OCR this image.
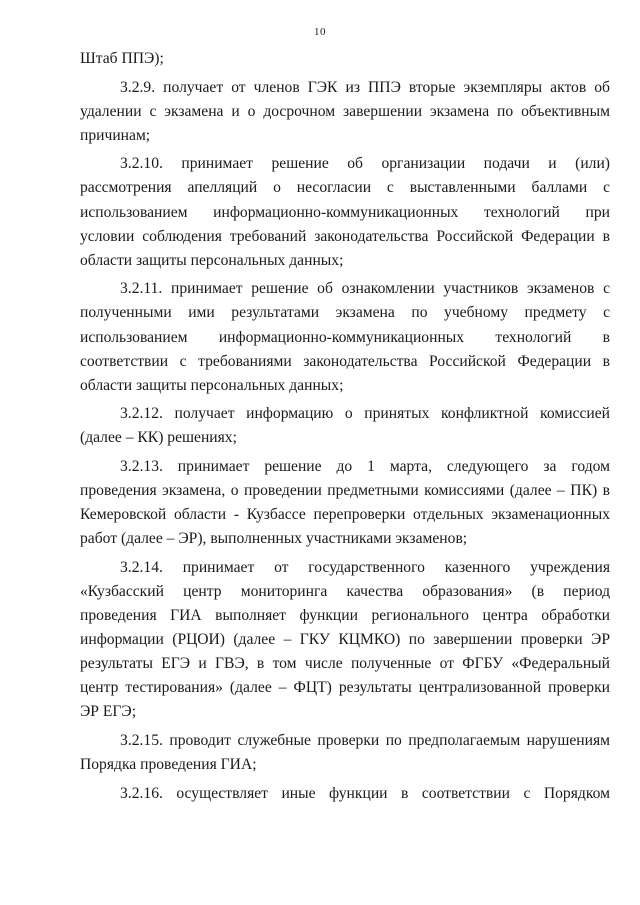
10
Штаб ППЭ);
3.2.9. получает от членов ГЭК из ППЭ вторые экземпляры актов об
удалении с экзамена и о досрочном завершении экзамена по объективным
причинам;
3.2.10. принимает решение об организации подачи и (или)
рассмотрения апелляций о несогласии с выставленными баллами с
использованием информационно-коммуникационных технологий при
условии соблюдения требований законодательства Российской Федерации в
области защиты персональных данных;
3.2.11. принимает решение об ознакомлении участников экзаменов с
полученными ими результатами экзамена по учебному предмету с
использованием информационно-коммуникационных технологий в
соответствии с требованиями законодательства Российской Федерации в
области защиты персональных данных;
3.2.12. получает информацию о принятых конфликтной комиссией
(далее – КК) решениях;
3.2.13. принимает решение до 1 марта, следующего за годом
проведения экзамена, о проведении предметными комиссиями (далее – ПК) в
Кемеровской области - Кузбассе перепроверки отдельных экзаменационных
работ (далее – ЭР), выполненных участниками экзаменов;
3.2.14. принимает от государственного казенного учреждения
«Кузбасский центр мониторинга качества образования» (в период
проведения ГИА выполняет функции регионального центра обработки
информации (РЦОИ) (далее – ГКУ КЦМКО) по завершении проверки ЭР
результаты ЕГЭ и ГВЭ, в том числе полученные от ФГБУ «Федеральный
центр тестирования» (далее – ФЦТ) результаты централизованной проверки
ЭР ЕГЭ;
3.2.15. проводит служебные проверки по предполагаемым нарушениям
Порядка проведения ГИА;
3.2.16. осуществляет иные функции в соответствии с Порядком
